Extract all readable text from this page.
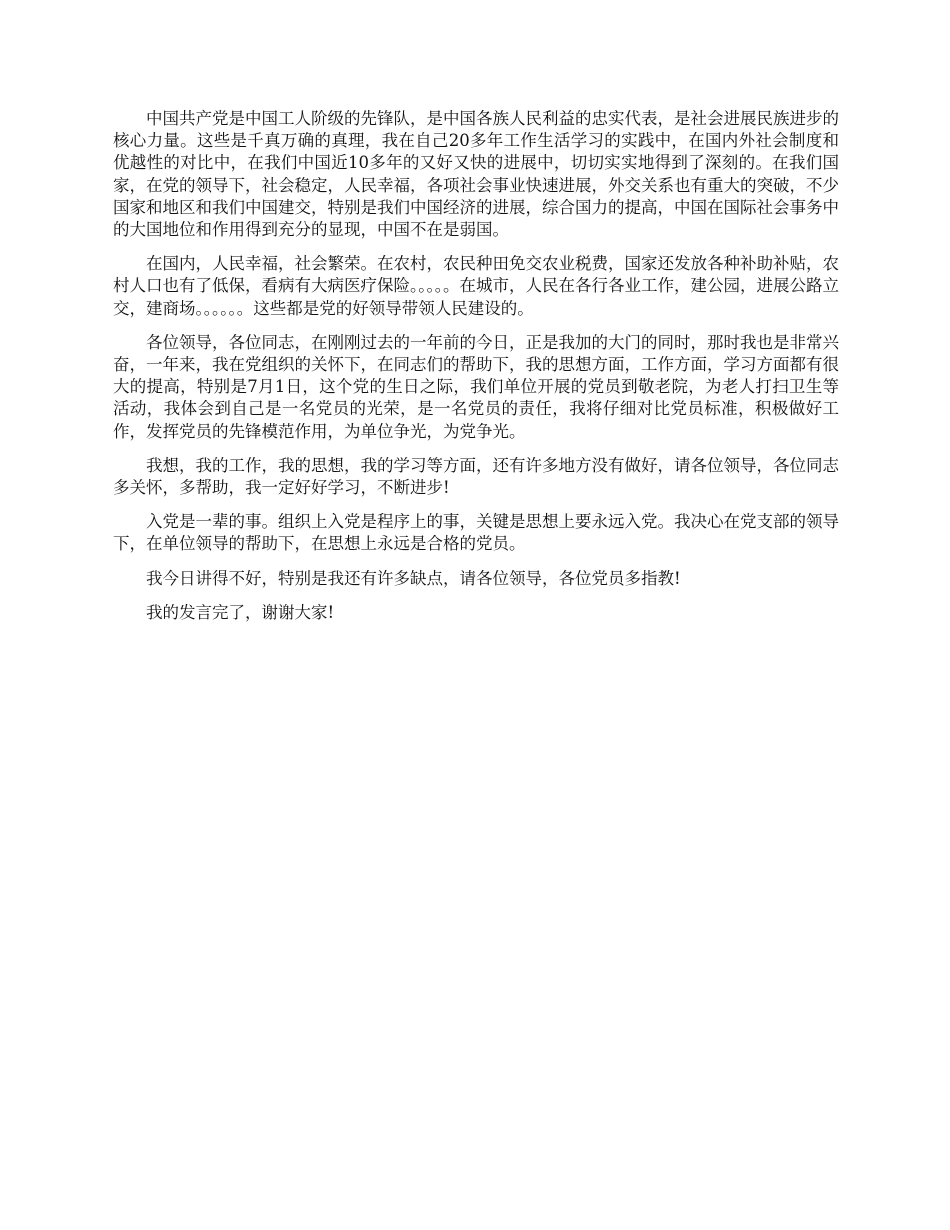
中国共产党是中国工人阶级的先锋队，是中国各族人民利益的忠实代表，是社会进展民族进步的核心力量。这些是千真万确的真理，我在自己20多年工作生活学习的实践中，在国内外社会制度和优越性的对比中，在我们中国近10多年的又好又快的进展中，切切实实地得到了深刻的。在我们国家，在党的领导下，社会稳定，人民幸福，各项社会事业快速进展，外交关系也有重大的突破，不少国家和地区和我们中国建交，特别是我们中国经济的进展，综合国力的提高，中国在国际社会事务中的大国地位和作用得到充分的显现，中国不在是弱国。

在国内，人民幸福，社会繁荣。在农村，农民种田免交农业税费，国家还发放各种补助补贴，农村人口也有了低保，看病有大病医疗保险。。。。。在城市，人民在各行各业工作，建公园，进展公路立交，建商场。。。。。。这些都是党的好领导带领人民建设的。

各位领导，各位同志，在刚刚过去的一年前的今日，正是我加的大门的同时，那时我也是非常兴奋，一年来，我在党组织的关怀下，在同志们的帮助下，我的思想方面，工作方面，学习方面都有很大的提高，特别是7月1日，这个党的生日之际，我们单位开展的党员到敬老院，为老人打扫卫生等活动，我体会到自己是一名党员的光荣，是一名党员的责任，我将仔细对比党员标准，积极做好工作，发挥党员的先锋模范作用，为单位争光，为党争光。

我想，我的工作，我的思想，我的学习等方面，还有许多地方没有做好，请各位领导，各位同志多关怀，多帮助，我一定好好学习，不断进步!

入党是一辈的事。组织上入党是程序上的事，关键是思想上要永远入党。我决心在党支部的领导下，在单位领导的帮助下，在思想上永远是合格的党员。

我今日讲得不好，特别是我还有许多缺点，请各位领导，各位党员多指教!

我的发言完了，谢谢大家!
